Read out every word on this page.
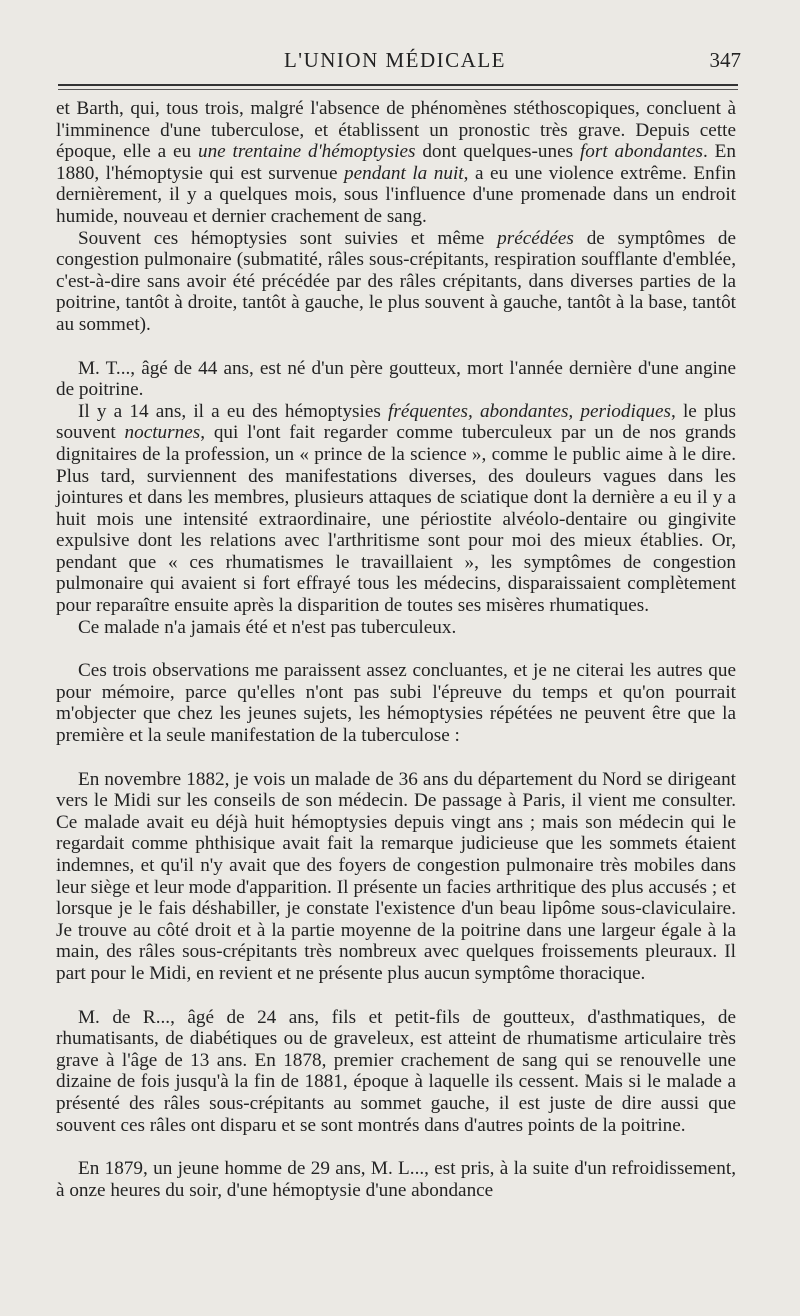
L'UNION MÉDICALE	347

et Barth, qui, tous trois, malgré l'absence de phénomènes stéthoscopiques, concluent à l'imminence d'une tuberculose, et établissent un pronostic très grave. Depuis cette époque, elle a eu une trentaine d'hémoptysies dont quelques-unes fort abondantes. En 1880, l'hémoptysie qui est survenue pendant la nuit, a eu une violence extrême. Enfin dernièrement, il y a quelques mois, sous l'influence d'une promenade dans un endroit humide, nouveau et dernier crachement de sang.

Souvent ces hémoptysies sont suivies et même précédées de symptômes de congestion pulmonaire (submatité, râles sous-crépitants, respiration soufflante d'emblée, c'est-à-dire sans avoir été précédée par des râles crépitants, dans diverses parties de la poitrine, tantôt à droite, tantôt à gauche, le plus souvent à gauche, tantôt à la base, tantôt au sommet).

M. T..., âgé de 44 ans, est né d'un père goutteux, mort l'année dernière d'une angine de poitrine.

Il y a 14 ans, il a eu des hémoptysies fréquentes, abondantes, periodiques, le plus souvent nocturnes, qui l'ont fait regarder comme tuberculeux par un de nos grands dignitaires de la profession, un « prince de la science », comme le public aime à le dire. Plus tard, surviennent des manifestations diverses, des douleurs vagues dans les jointures et dans les membres, plusieurs attaques de sciatique dont la dernière a eu il y a huit mois une intensité extraordinaire, une périostite alvéolo-dentaire ou gingivite expulsive dont les relations avec l'arthritisme sont pour moi des mieux établies. Or, pendant que « ces rhumatismes le travaillaient », les symptômes de congestion pulmonaire qui avaient si fort effrayé tous les médecins, disparaissaient complètement pour reparaître ensuite après la disparition de toutes ses misères rhumatiques.

Ce malade n'a jamais été et n'est pas tuberculeux.

Ces trois observations me paraissent assez concluantes, et je ne citerai les autres que pour mémoire, parce qu'elles n'ont pas subi l'épreuve du temps et qu'on pourrait m'objecter que chez les jeunes sujets, les hémoptysies répétées ne peuvent être que la première et la seule manifestation de la tuberculose :

En novembre 1882, je vois un malade de 36 ans du département du Nord se dirigeant vers le Midi sur les conseils de son médecin. De passage à Paris, il vient me consulter. Ce malade avait eu déjà huit hémoptysies depuis vingt ans ; mais son médecin qui le regardait comme phthisique avait fait la remarque judicieuse que les sommets étaient indemnes, et qu'il n'y avait que des foyers de congestion pulmonaire très mobiles dans leur siège et leur mode d'apparition. Il présente un facies arthritique des plus accusés ; et lorsque je le fais déshabiller, je constate l'existence d'un beau lipôme sous-claviculaire. Je trouve au côté droit et à la partie moyenne de la poitrine dans une largeur égale à la main, des râles sous-crépitants très nombreux avec quelques froissements pleuraux. Il part pour le Midi, en revient et ne présente plus aucun symptôme thoracique.

M. de R..., âgé de 24 ans, fils et petit-fils de goutteux, d'asthmatiques, de rhumatisants, de diabétiques ou de graveleux, est atteint de rhumatisme articulaire très grave à l'âge de 13 ans. En 1878, premier crachement de sang qui se renouvelle une dizaine de fois jusqu'à la fin de 1881, époque à laquelle ils cessent. Mais si le malade a présenté des râles sous-crépitants au sommet gauche, il est juste de dire aussi que souvent ces râles ont disparu et se sont montrés dans d'autres points de la poitrine.

En 1879, un jeune homme de 29 ans, M. L..., est pris, à la suite d'un refroidissement, à onze heures du soir, d'une hémoptysie d'une abondance
